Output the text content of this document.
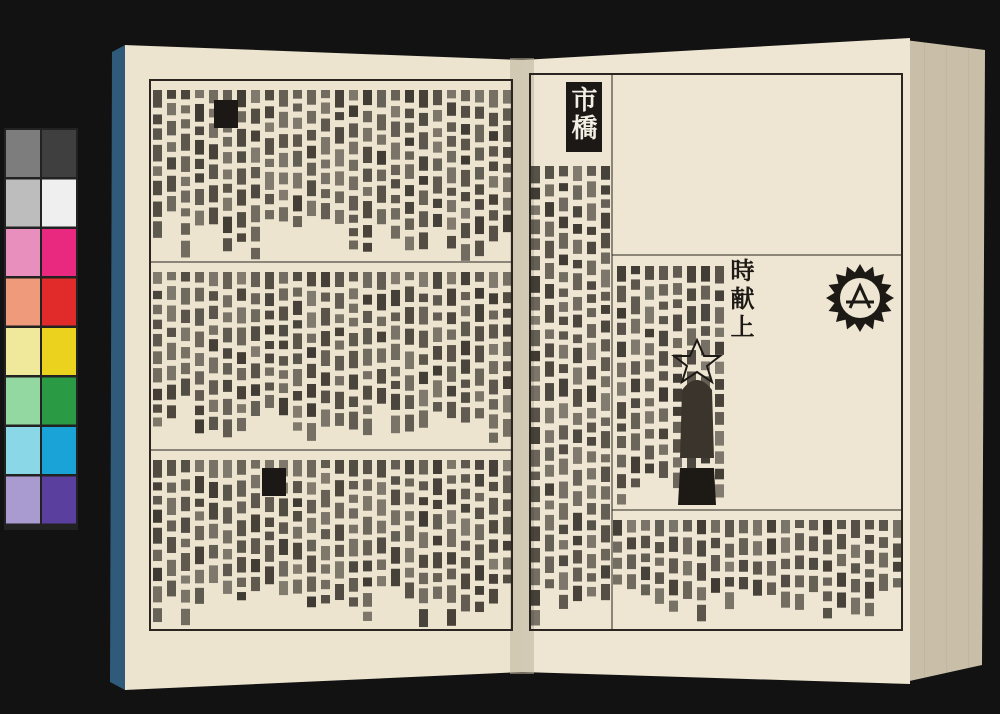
市橋
時献上
